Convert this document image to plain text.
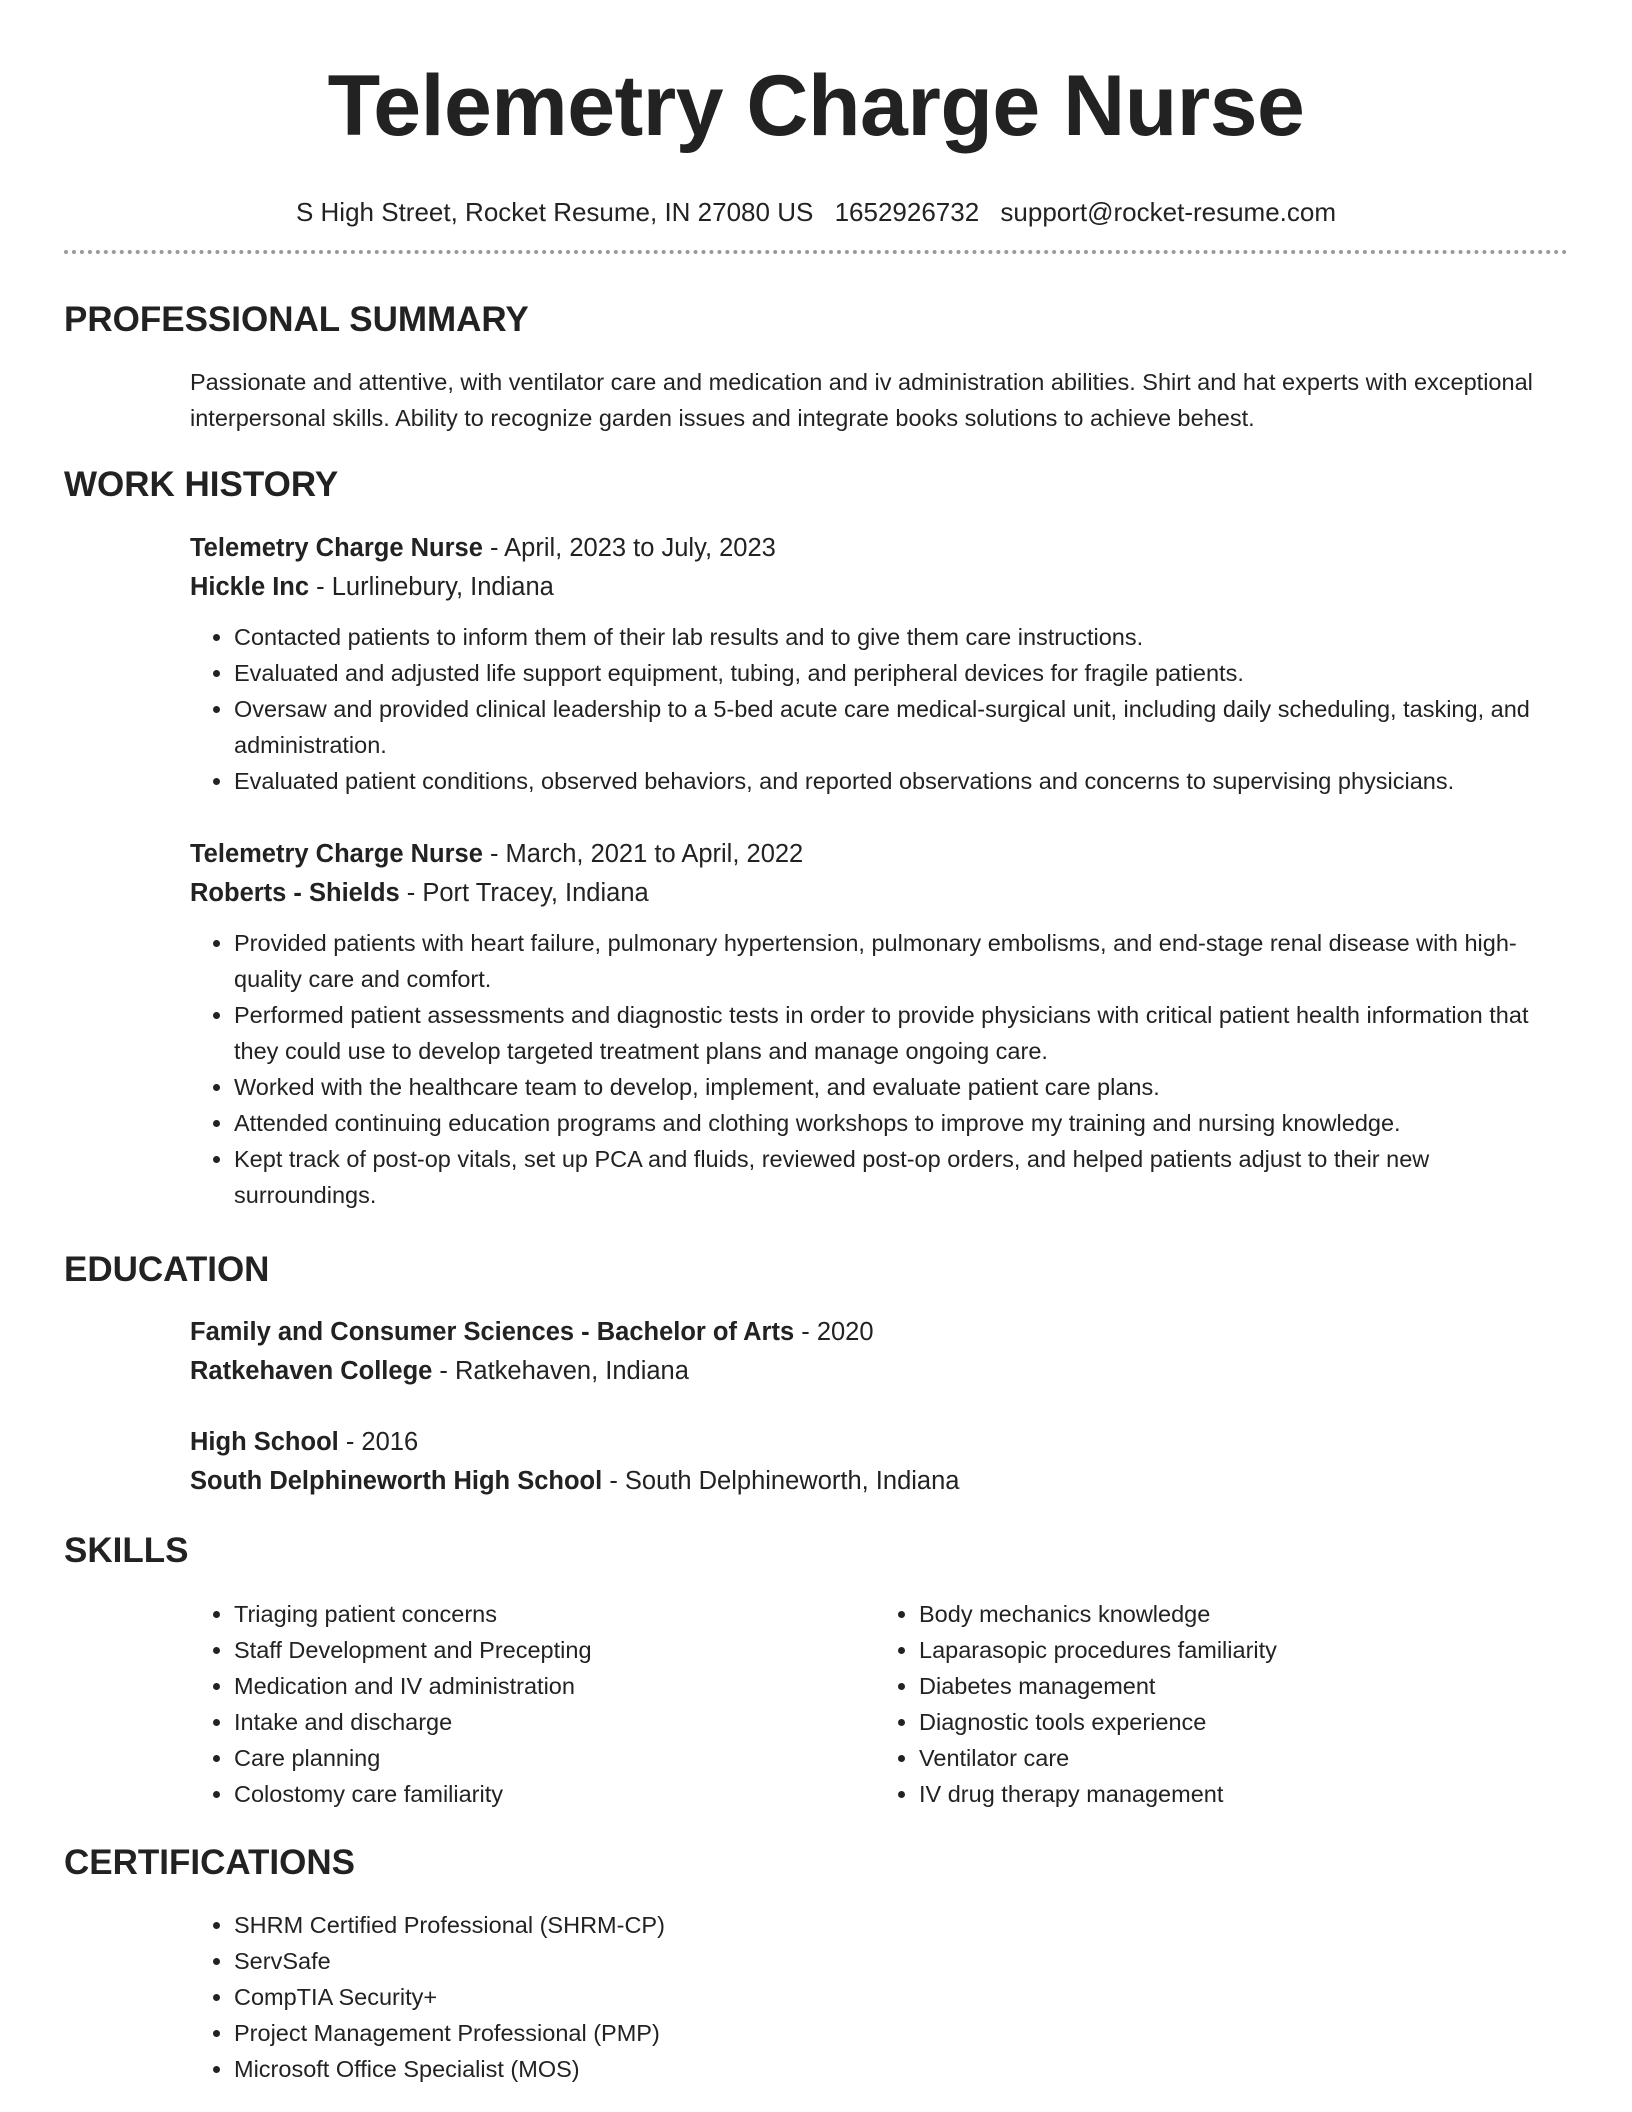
Telemetry Charge Nurse
S High Street, Rocket Resume, IN 27080 US 1652926732 support@rocket-resume.com
PROFESSIONAL SUMMARY
Passionate and attentive, with ventilator care and medication and iv administration abilities. Shirt and hat experts with exceptional interpersonal skills. Ability to recognize garden issues and integrate books solutions to achieve behest.
WORK HISTORY
Telemetry Charge Nurse - April, 2023 to July, 2023
Hickle Inc - Lurlinebury, Indiana
• Contacted patients to inform them of their lab results and to give them care instructions.
• Evaluated and adjusted life support equipment, tubing, and peripheral devices for fragile patients.
• Oversaw and provided clinical leadership to a 5-bed acute care medical-surgical unit, including daily scheduling, tasking, and administration.
• Evaluated patient conditions, observed behaviors, and reported observations and concerns to supervising physicians.
Telemetry Charge Nurse - March, 2021 to April, 2022
Roberts - Shields - Port Tracey, Indiana
• Provided patients with heart failure, pulmonary hypertension, pulmonary embolisms, and end-stage renal disease with high-quality care and comfort.
• Performed patient assessments and diagnostic tests in order to provide physicians with critical patient health information that they could use to develop targeted treatment plans and manage ongoing care.
• Worked with the healthcare team to develop, implement, and evaluate patient care plans.
• Attended continuing education programs and clothing workshops to improve my training and nursing knowledge.
• Kept track of post-op vitals, set up PCA and fluids, reviewed post-op orders, and helped patients adjust to their new surroundings.
EDUCATION
Family and Consumer Sciences - Bachelor of Arts - 2020
Ratkehaven College - Ratkehaven, Indiana
High School - 2016
South Delphineworth High School - South Delphineworth, Indiana
SKILLS
• Triaging patient concerns
• Staff Development and Precepting
• Medication and IV administration
• Intake and discharge
• Care planning
• Colostomy care familiarity
• Body mechanics knowledge
• Laparasopic procedures familiarity
• Diabetes management
• Diagnostic tools experience
• Ventilator care
• IV drug therapy management
CERTIFICATIONS
• SHRM Certified Professional (SHRM-CP)
• ServSafe
• CompTIA Security+
• Project Management Professional (PMP)
• Microsoft Office Specialist (MOS)
